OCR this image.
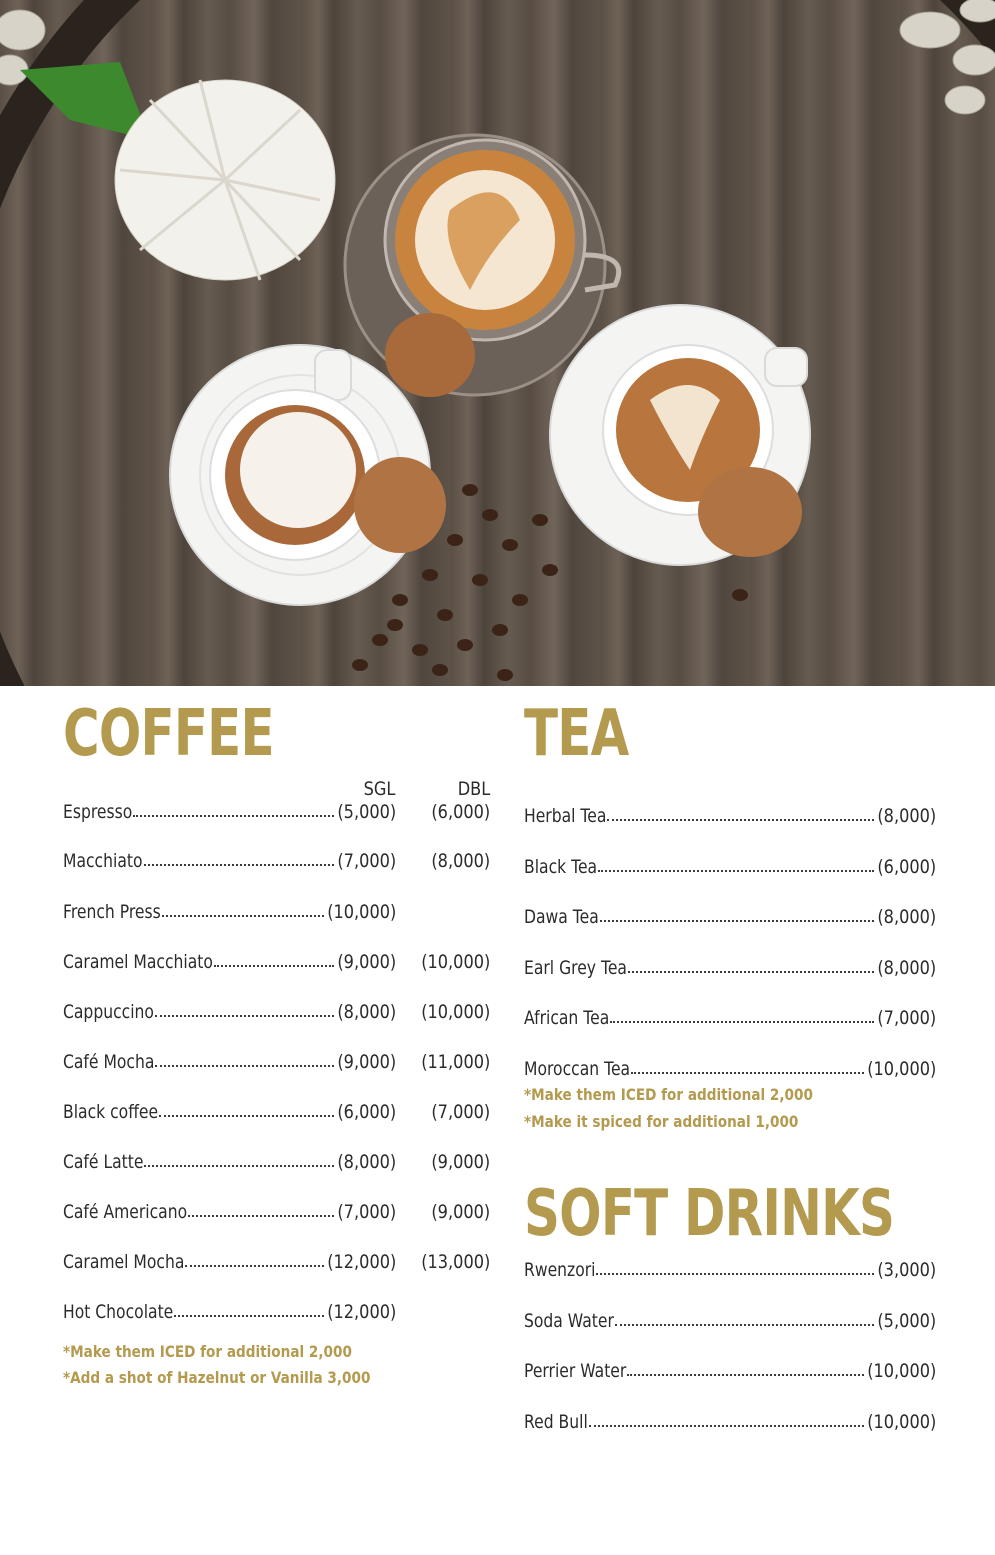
COFFEE
SGL	DBL
Espresso	(5,000) (6,000)
Macchiato	(7,000) (8,000)
French Press	(10,000)
Caramel Macchiato	(9,000) (10,000)
Cappuccino	(8,000) (10,000)
Café Mocha	(9,000) (11,000)
Black coffee	(6,000) (7,000)
Café Latte	(8,000) (9,000)
Café Americano	(7,000) (9,000)
Caramel Mocha	(12,000) (13,000)
Hot Chocolate	(12,000)
*Make them ICED for additional 2,000
*Add a shot of Hazelnut or Vanilla 3,000
TEA
Herbal Tea	(8,000)
Black Tea	(6,000)
Dawa Tea	(8,000)
Earl Grey Tea	(8,000)
African Tea	(7,000)
Moroccan Tea	(10,000)
*Make them ICED for additional 2,000
*Make it spiced for additional 1,000
SOFT DRINKS
Rwenzori	(3,000)
Soda Water	(5,000)
Perrier Water	(10,000)
Red Bull	(10,000)
